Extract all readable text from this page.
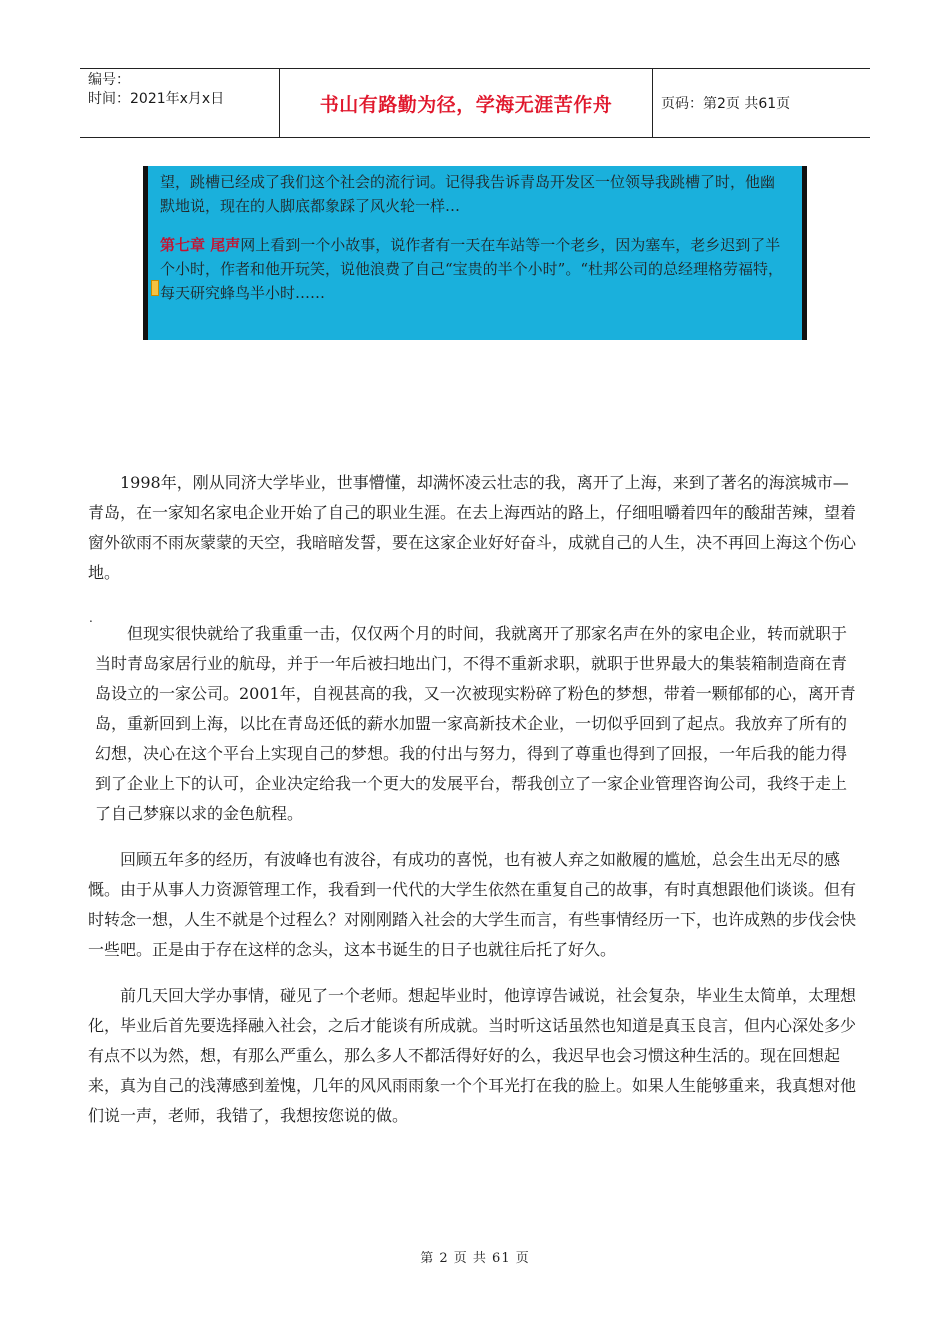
编号：
时间：2021年x月x日	书山有路勤为径，学海无涯苦作舟	页码：第2页 共61页

望，跳槽已经成了我们这个社会的流行词。记得我告诉青岛开发区一位领导我跳槽了时，他幽默地说，现在的人脚底都象踩了风火轮一样…

第七章 尾声网上看到一个小故事，说作者有一天在车站等一个老乡，因为塞车，老乡迟到了半个小时，作者和他开玩笑，说他浪费了自己“宝贵的半个小时”。“杜邦公司的总经理格劳福特，每天研究蜂鸟半小时……

.

1998年，刚从同济大学毕业，世事懵懂，却满怀凌云壮志的我，离开了上海，来到了著名的海滨城市—青岛，在一家知名家电企业开始了自己的职业生涯。在去上海西站的路上，仔细咀嚼着四年的酸甜苦辣，望着窗外欲雨不雨灰蒙蒙的天空，我暗暗发誓，要在这家企业好好奋斗，成就自己的人生，决不再回上海这个伤心地。

但现实很快就给了我重重一击，仅仅两个月的时间，我就离开了那家名声在外的家电企业，转而就职于当时青岛家居行业的航母，并于一年后被扫地出门，不得不重新求职，就职于世界最大的集装箱制造商在青岛设立的一家公司。2001年，自视甚高的我，又一次被现实粉碎了粉色的梦想，带着一颗郁郁的心，离开青岛，重新回到上海，以比在青岛还低的薪水加盟一家高新技术企业，一切似乎回到了起点。我放弃了所有的幻想，决心在这个平台上实现自己的梦想。我的付出与努力，得到了尊重也得到了回报，一年后我的能力得到了企业上下的认可，企业决定给我一个更大的发展平台，帮我创立了一家企业管理咨询公司，我终于走上了自己梦寐以求的金色航程。

回顾五年多的经历，有波峰也有波谷，有成功的喜悦，也有被人弃之如敝履的尴尬，总会生出无尽的感慨。由于从事人力资源管理工作，我看到一代代的大学生依然在重复自己的故事，有时真想跟他们谈谈。但有时转念一想，人生不就是个过程么？对刚刚踏入社会的大学生而言，有些事情经历一下，也许成熟的步伐会快一些吧。正是由于存在这样的念头，这本书诞生的日子也就往后托了好久。

前几天回大学办事情，碰见了一个老师。想起毕业时，他谆谆告诫说，社会复杂，毕业生太简单，太理想化，毕业后首先要选择融入社会，之后才能谈有所成就。当时听这话虽然也知道是真玉良言，但内心深处多少有点不以为然，想，有那么严重么，那么多人不都活得好好的么，我迟早也会习惯这种生活的。现在回想起来，真为自己的浅薄感到羞愧，几年的风风雨雨象一个个耳光打在我的脸上。如果人生能够重来，我真想对他们说一声，老师，我错了，我想按您说的做。

第 2 页 共 61 页
